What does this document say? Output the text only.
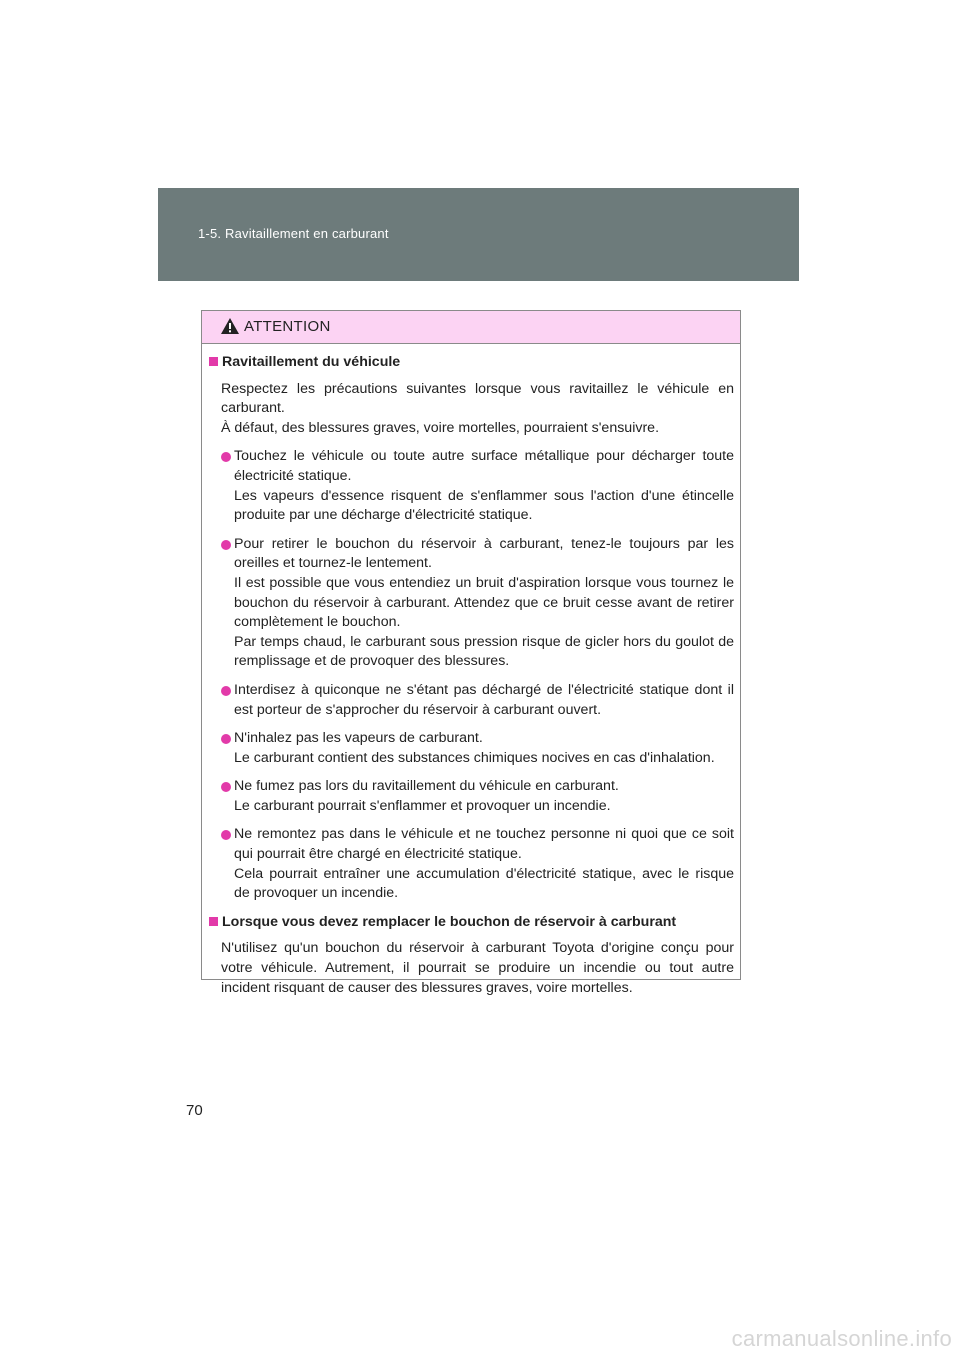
1-5. Ravitaillement en carburant
ATTENTION
Ravitaillement du véhicule
Respectez les précautions suivantes lorsque vous ravitaillez le véhicule en carburant.
À défaut, des blessures graves, voire mortelles, pourraient s'ensuivre.
Touchez le véhicule ou toute autre surface métallique pour décharger toute électricité statique.
Les vapeurs d'essence risquent de s'enflammer sous l'action d'une étincelle produite par une décharge d'électricité statique.
Pour retirer le bouchon du réservoir à carburant, tenez-le toujours par les oreilles et tournez-le lentement.
Il est possible que vous entendiez un bruit d'aspiration lorsque vous tournez le bouchon du réservoir à carburant. Attendez que ce bruit cesse avant de retirer complètement le bouchon.
Par temps chaud, le carburant sous pression risque de gicler hors du goulot de remplissage et de provoquer des blessures.
Interdisez à quiconque ne s'étant pas déchargé de l'électricité statique dont il est porteur de s'approcher du réservoir à carburant ouvert.
N'inhalez pas les vapeurs de carburant.
Le carburant contient des substances chimiques nocives en cas d'inhalation.
Ne fumez pas lors du ravitaillement du véhicule en carburant.
Le carburant pourrait s'enflammer et provoquer un incendie.
Ne remontez pas dans le véhicule et ne touchez personne ni quoi que ce soit qui pourrait être chargé en électricité statique.
Cela pourrait entraîner une accumulation d'électricité statique, avec le risque de provoquer un incendie.
Lorsque vous devez remplacer le bouchon de réservoir à carburant
N'utilisez qu'un bouchon du réservoir à carburant Toyota d'origine conçu pour votre véhicule. Autrement, il pourrait se produire un incendie ou tout autre incident risquant de causer des blessures graves, voire mortelles.
70
carmanualsonline.info
